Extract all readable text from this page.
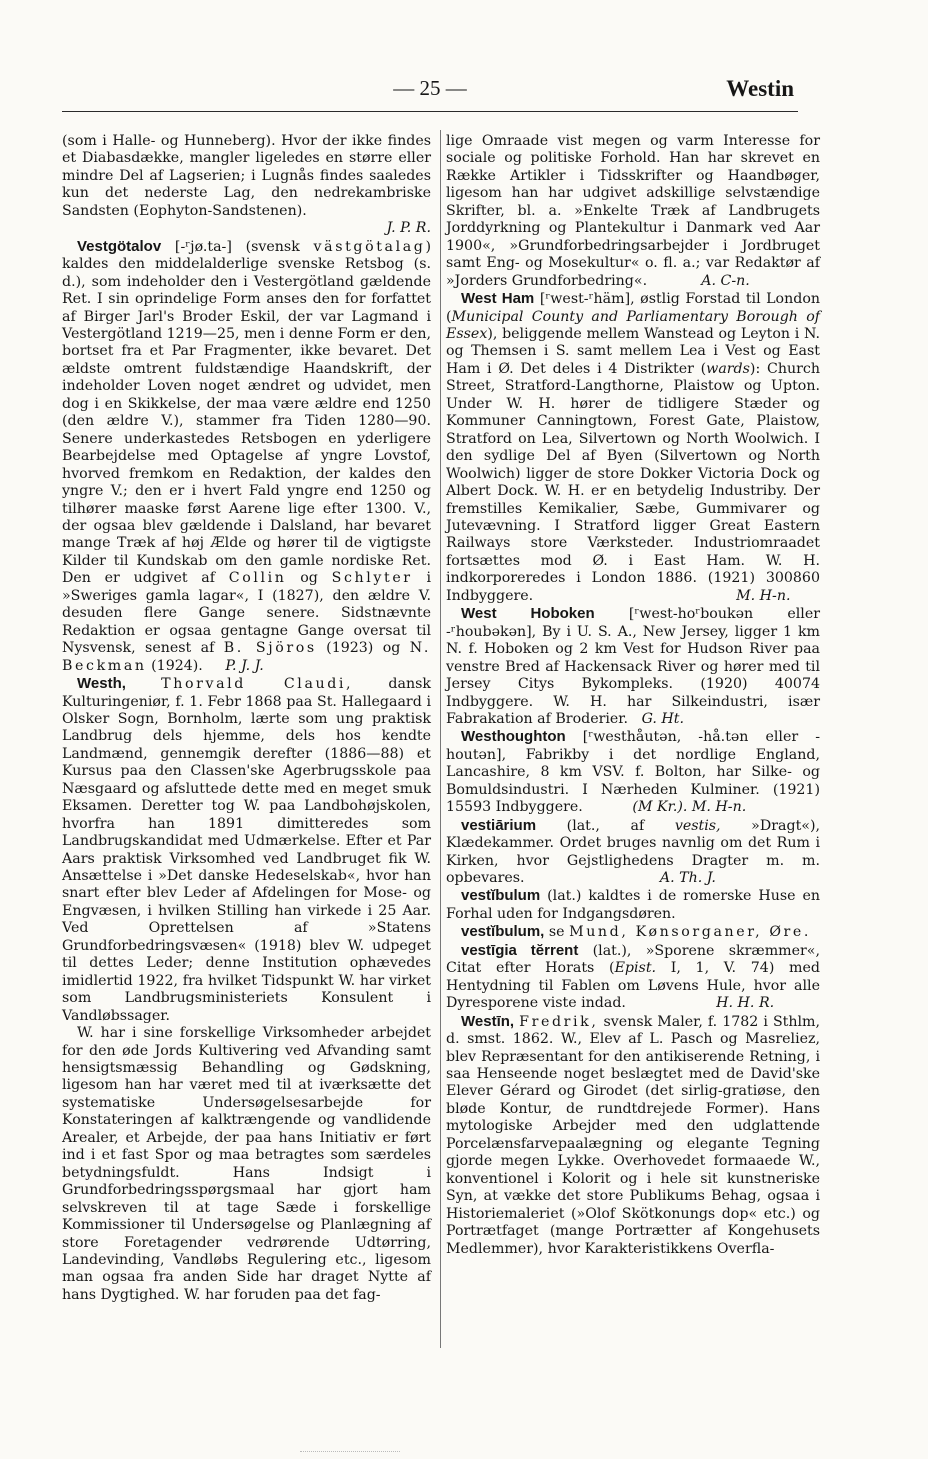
— 25 —	Westin

(som i Halle- og Hunneberg). Hvor der ikke findes et Diabasdække, mangler ligeledes en større eller mindre Del af Lagserien; i Lugnås findes saaledes kun det nederste Lag, den nedrekambriske Sandsten (Eophyton-Sandstenen).

J. P. R.

Vestgötalov [-ʳjø.ta-] (svensk västgötalag) kaldes den middelalderlige svenske Retsbog (s. d.), som indeholder den i Vestergötland gældende Ret. I sin oprindelige Form anses den for forfattet af Birger Jarl's Broder Eskil, der var Lagmand i Vestergötland 1219—25, men i denne Form er den, bortset fra et Par Fragmenter, ikke bevaret. Det ældste omtrent fuldstændige Haandskrift, der indeholder Loven noget ændret og udvidet, men dog i en Skikkelse, der maa være ældre end 1250 (den ældre V.), stammer fra Tiden 1280—90. Senere underkastedes Retsbogen en yderligere Bearbejdelse med Optagelse af yngre Lovstof, hvorved fremkom en Redaktion, der kaldes den yngre V.; den er i hvert Fald yngre end 1250 og tilhører maaske først Aarene lige efter 1300. V., der ogsaa blev gældende i Dalsland, har bevaret mange Træk af høj Ælde og hører til de vigtigste Kilder til Kundskab om den gamle nordiske Ret. Den er udgivet af Collin og Schlyter i »Sweriges gamla lagar«, I (1827), den ældre V. desuden flere Gange senere. Sidstnævnte Redaktion er ogsaa gentagne Gange oversat til Nysvensk, senest af B. Sjöros (1923) og N. Beckman (1924). P. J. J.

Westh, Thorvald Claudi, dansk Kulturingeniør, f. 1. Febr 1868 paa St. Hallegaard i Olsker Sogn, Bornholm, lærte som ung praktisk Landbrug dels hjemme, dels hos kendte Landmænd, gennemgik derefter (1886—88) et Kursus paa den Classen'ske Agerbrugsskole paa Næsgaard og afsluttede dette med en meget smuk Eksamen. Deretter tog W. paa Landbohøjskolen, hvorfra han 1891 dimitteredes som Landbrugskandidat med Udmærkelse. Efter et Par Aars praktisk Virksomhed ved Landbruget fik W. Ansættelse i »Det danske Hedeselskab«, hvor han snart efter blev Leder af Afdelingen for Mose- og Engvæsen, i hvilken Stilling han virkede i 25 Aar. Ved Oprettelsen af »Statens Grundforbedringsvæsen« (1918) blev W. udpeget til dettes Leder; denne Institution ophævedes imidlertid 1922, fra hvilket Tidspunkt W. har virket som Landbrugsministeriets Konsulent i Vandløbssager.

W. har i sine forskellige Virksomheder arbejdet for den øde Jords Kultivering ved Afvanding samt hensigtsmæssig Behandling og Gødskning, ligesom han har været med til at iværksætte det systematiske Undersøgelsesarbejde for Konstateringen af kalktrængende og vandlidende Arealer, et Arbejde, der paa hans Initiativ er ført ind i et fast Spor og maa betragtes som særdeles betydningsfuldt. Hans Indsigt i Grundforbedringsspørgsmaal har gjort ham selvskreven til at tage Sæde i forskellige Kommissioner til Undersøgelse og Planlægning af store Foretagender vedrørende Udtørring, Landevinding, Vandløbs Regulering etc., ligesom man ogsaa fra anden Side har draget Nytte af hans Dygtighed. W. har foruden paa det fag-

lige Omraade vist megen og varm Interesse for sociale og politiske Forhold. Han har skrevet en Række Artikler i Tidsskrifter og Haandbøger, ligesom han har udgivet adskillige selvstændige Skrifter, bl. a. »Enkelte Træk af Landbrugets Jorddyrkning og Plantekultur i Danmark ved Aar 1900«, »Grundforbedringsarbejder i Jordbruget samt Eng- og Mosekultur« o. fl. a.; var Redaktør af »Jorders Grundforbedring«.	A. C-n.

West Ham [ʳwest-ʳhäm], østlig Forstad til London (Municipal County and Parliamentary Borough of Essex), beliggende mellem Wanstead og Leyton i N. og Themsen i S. samt mellem Lea i Vest og East Ham i Ø. Det deles i 4 Distrikter (wards): Church Street, Stratford-Langthorne, Plaistow og Upton. Under W. H. hører de tidligere Stæder og Kommuner Canningtown, Forest Gate, Plaistow, Stratford on Lea, Silvertown og North Woolwich. I den sydlige Del af Byen (Silvertown og North Woolwich) ligger de store Dokker Victoria Dock og Albert Dock. W. H. er en betydelig Industriby. Der fremstilles Kemikalier, Sæbe, Gummivarer og Jutevævning. I Stratford ligger Great Eastern Railways store Værksteder. Industriomraadet fortsættes mod Ø. i East Ham. W. H. indkorporeredes i London 1886. (1921) 300860 Indbyggere.	M. H-n.

West Hoboken [ʳwest-hoʳboukən eller -ʳhoubəkən], By i U. S. A., New Jersey, ligger 1 km N. f. Hoboken og 2 km Vest for Hudson River paa venstre Bred af Hackensack River og hører med til Jersey Citys Bykompleks. (1920) 40074 Indbyggere. W. H. har Silkeindustri, især Fabrakation af Broderier. G. Ht.

Westhoughton [ʳwesthåutən, -hå.tən eller -houtən], Fabrikby i det nordlige England, Lancashire, 8 km VSV. f. Bolton, har Silke- og Bomuldsindustri. I Nærheden Kulminer. (1921) 15593 Indbyggere.	(M Kr.). M. H-n.

vestiārium (lat., af vestis, »Dragt«), Klædekammer. Ordet bruges navnlig om det Rum i Kirken, hvor Gejstlighedens Dragter m. m. opbevares.	A. Th. J.

vestĭbulum (lat.) kaldtes i de romerske Huse en Forhal uden for Indgangsdøren.

vestĭbulum, se Mund, Kønsorganer, Øre.

vestīgia tĕrrent (lat.), »Sporene skræmmer«, Citat efter Horats (Epist. I, 1, V. 74) med Hentydning til Fablen om Løvens Hule, hvor alle Dyresporene viste indad.	H. H. R.

Westīn, Fredrik, svensk Maler, f. 1782 i Sthlm, d. smst. 1862. W., Elev af L. Pasch og Masreliez, blev Repræsentant for den antikiserende Retning, i saa Henseende noget beslægtet med de David'ske Elever Gérard og Girodet (det sirlig-gratiøse, den bløde Kontur, de rundtdrejede Former). Hans mytologiske Arbejder med den udglattende Porcelænsfarvepaalægning og elegante Tegning gjorde megen Lykke. Overhovedet formaaede W., konventionel i Kolorit og i hele sit kunstneriske Syn, at vække det store Publikums Behag, ogsaa i Historiemaleriet (»Olof Skötkonungs dop« etc.) og Portrætfaget (mange Portrætter af Kongehusets Medlemmer), hvor Karakteristikkens Overfla-
